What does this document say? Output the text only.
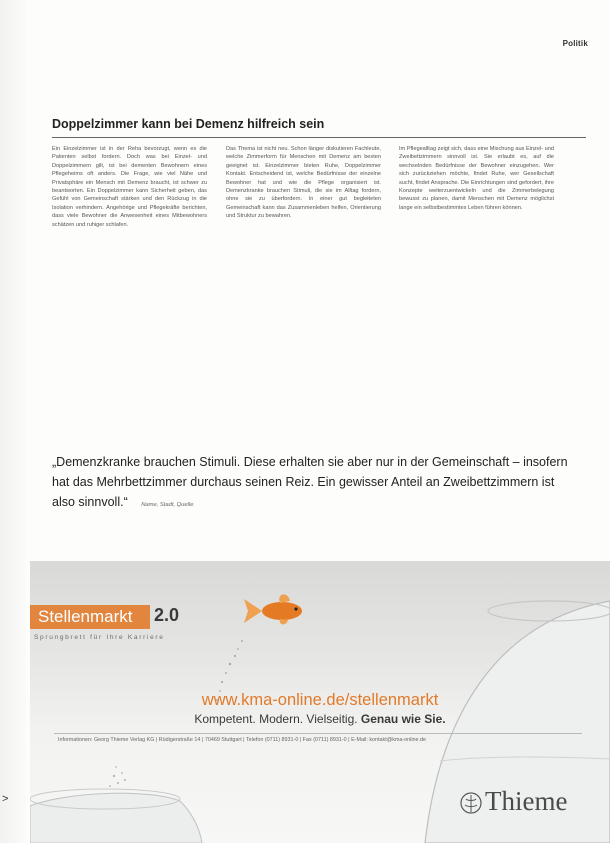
Politik
Doppelzimmer kann bei Demenz hilfreich sein

Ein Einzelzimmer ist in der Reha bevorzugt, wenn es die Patienten selbst fordern. Doch was bei Einzel- und Doppelzimmern gilt, ist bei dementen Bewohnern eines Pflegeheims oft anders. Die Frage, wie viel Nähe und Privatsphäre ein Mensch mit Demenz braucht, ist schwer zu beantworten. Ein Doppelzimmer kann Sicherheit geben, das Gefühl von Gemeinschaft stärken und den Rückzug in die Isolation verhindern. Angehörige und Pflegekräfte berichten, dass viele Bewohner die Anwesenheit eines Mitbewohners schätzen und ruhiger schlafen.

Das Thema ist nicht neu. Schon länger diskutieren Fachleute, welche Zimmerform für Menschen mit Demenz am besten geeignet ist. Einzelzimmer bieten Ruhe, Doppelzimmer Kontakt. Entscheidend ist, welche Bedürfnisse der einzelne Bewohner hat und wie die Pflege organisiert ist. Demenzkranke brauchen Stimuli, die sie im Alltag fordern, ohne sie zu überfordern. In einer gut begleiteten Gemeinschaft kann das Zusammenleben helfen, Orientierung und Struktur zu bewahren.

Im Pflegealltag zeigt sich, dass eine Mischung aus Einzel- und Zweibettzimmern sinnvoll ist. Sie erlaubt es, auf die wechselnden Bedürfnisse der Bewohner einzugehen. Wer sich zurückziehen möchte, findet Ruhe, wer Gesellschaft sucht, findet Ansprache. Die Einrichtungen sind gefordert, ihre Konzepte weiterzuentwickeln und die Zimmerbelegung bewusst zu planen, damit Menschen mit Demenz möglichst lange ein selbstbestimmtes Leben führen können.

„Demenzkranke brauchen Stimuli. Diese erhalten sie aber nur in der Gemeinschaft – insofern hat das Mehrbettzimmer durchaus seinen Reiz. Ein gewisser Anteil an Zweibettzimmern ist also sinnvoll.“ Name, Stadt, Quelle
Stellenmarkt 2.0
Sprungbrett für Ihre Karriere
www.kma-online.de/stellenmarkt
Kompetent. Modern. Vielseitig. Genau wie Sie.
Informationen: Georg Thieme Verlag KG | Rüdigerstraße 14 | 70469 Stuttgart | Telefon (0711) 8931-0 | Fax (0711) 8931-0 | E-Mail: kontakt@kma-online.de
Thieme
>
